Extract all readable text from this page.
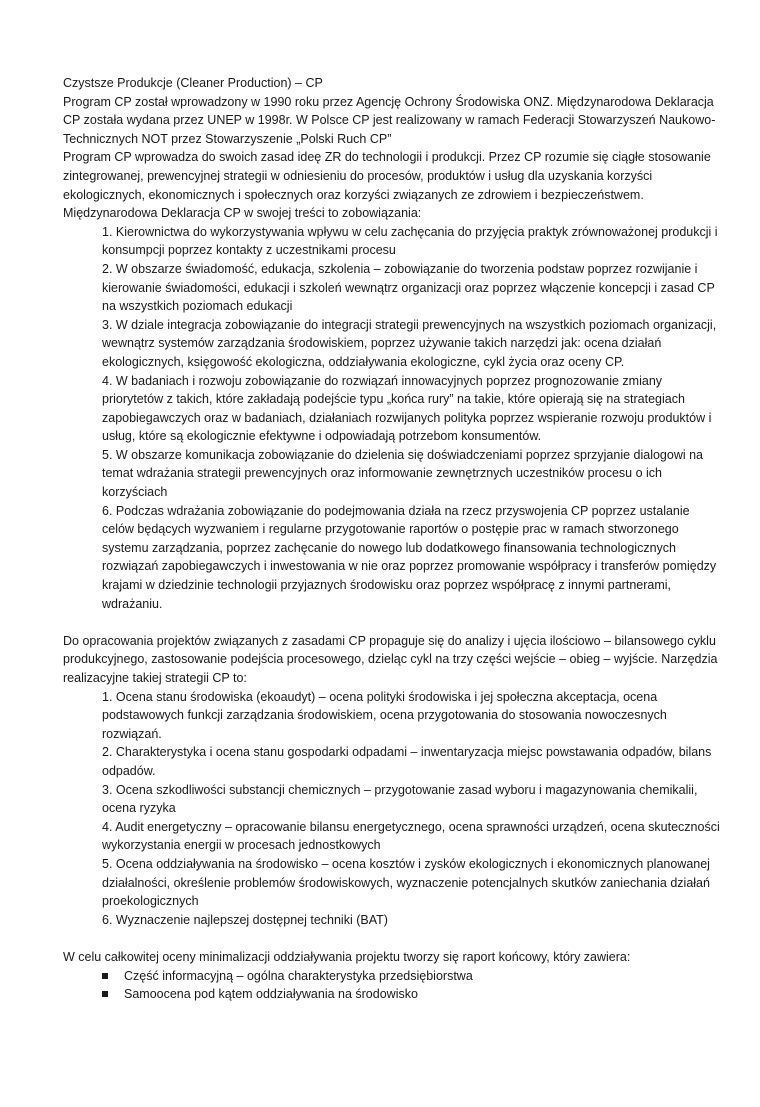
Czystsze Produkcje (Cleaner Production) – CP

Program CP został wprowadzony w 1990 roku przez Agencję Ochrony Środowiska ONZ. Międzynarodowa Deklaracja CP została wydana przez UNEP w 1998r. W Polsce CP jest realizowany w ramach Federacji Stowarzyszeń Naukowo-Technicznych NOT przez Stowarzyszenie „Polski Ruch CP”

Program CP wprowadza do swoich zasad ideę ZR do technologii i produkcji. Przez CP rozumie się ciągłe stosowanie zintegrowanej, prewencyjnej strategii w odniesieniu do procesów, produktów i usług dla uzyskania korzyści ekologicznych, ekonomicznych i społecznych oraz korzyści związanych ze zdrowiem i bezpieczeństwem. Międzynarodowa Deklaracja CP w swojej treści to zobowiązania:

1. Kierownictwa do wykorzystywania wpływu w celu zachęcania do przyjęcia praktyk zrównoważonej produkcji i konsumpcji poprzez kontakty z uczestnikami procesu
2. W obszarze świadomość, edukacja, szkolenia – zobowiązanie do tworzenia podstaw poprzez rozwijanie i kierowanie świadomości, edukacji i szkoleń wewnątrz organizacji oraz poprzez włączenie koncepcji i zasad CP na wszystkich poziomach edukacji
3. W dziale integracja zobowiązanie do integracji strategii prewencyjnych na wszystkich poziomach organizacji, wewnątrz systemów zarządzania środowiskiem, poprzez używanie takich narzędzi jak: ocena działań ekologicznych, księgowość ekologiczna, oddziaływania ekologiczne, cykl życia oraz oceny CP.
4. W badaniach i rozwoju zobowiązanie do rozwiązań innowacyjnych poprzez prognozowanie zmiany priorytetów z takich, które zakładają podejście typu „końca rury” na takie, które opierają się na strategiach zapobiegawczych oraz w badaniach, działaniach rozwijanych polityka poprzez wspieranie rozwoju produktów i usług, które są ekologicznie efektywne i odpowiadają potrzebom konsumentów.
5. W obszarze komunikacja zobowiązanie do dzielenia się doświadczeniami poprzez sprzyjanie dialogowi na temat wdrażania strategii prewencyjnych oraz informowanie zewnętrznych uczestników procesu o ich korzyściach
6. Podczas wdrażania zobowiązanie do podejmowania działa na rzecz przyswojenia CP poprzez ustalanie celów będących wyzwaniem i regularne przygotowanie raportów o postępie prac w ramach stworzonego systemu zarządzania, poprzez zachęcanie do nowego lub dodatkowego finansowania technologicznych rozwiązań zapobiegawczych i inwestowania w nie oraz poprzez promowanie współpracy i transferów pomiędzy krajami w dziedzinie technologii przyjaznych środowisku oraz poprzez współpracę z innymi partnerami, wdrażaniu.

Do opracowania projektów związanych z zasadami CP propaguje się do analizy i ujęcia ilościowo – bilansowego cyklu produkcyjnego, zastosowanie podejścia procesowego, dzieląc cykl na trzy części wejście – obieg – wyjście. Narzędzia realizacyjne takiej strategii CP to:

1. Ocena stanu środowiska (ekoaudyt) – ocena polityki środowiska i jej społeczna akceptacja, ocena podstawowych funkcji zarządzania środowiskiem, ocena przygotowania do stosowania nowoczesnych rozwiązań.
2. Charakterystyka i ocena stanu gospodarki odpadami – inwentaryzacja miejsc powstawania odpadów, bilans odpadów.
3. Ocena szkodliwości substancji chemicznych – przygotowanie zasad wyboru i magazynowania chemikalii, ocena ryzyka
4. Audit energetyczny – opracowanie bilansu energetycznego, ocena sprawności urządzeń, ocena skuteczności wykorzystania energii w procesach jednostkowych
5. Ocena oddziaływania na środowisko – ocena kosztów i zysków ekologicznych i ekonomicznych planowanej działalności, określenie problemów środowiskowych, wyznaczenie potencjalnych skutków zaniechania działań proekologicznych
6. Wyznaczenie najlepszej dostępnej techniki (BAT)

W celu całkowitej oceny minimalizacji oddziaływania projektu tworzy się raport końcowy, który zawiera:

Część informacyjną – ogólna charakterystyka przedsiębiorstwa
Samoocena pod kątem oddziaływania na środowisko
